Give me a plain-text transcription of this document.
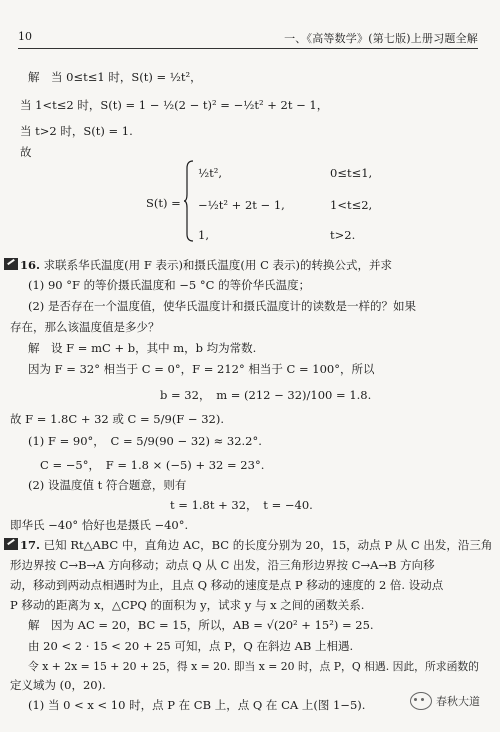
10	一、《高等数学》(第七版)上册习题全解
解　当 0≤t≤1 时，S(t) = ½t²，
当 1<t≤2 时，S(t) = 1 − ½(2 − t)² = −½t² + 2t − 1，
当 t>2 时，S(t) = 1.
故
S(t) =
½t²,	0≤t≤1,
−½t² + 2t − 1,	1<t≤2,
1,	t>2.
16. 求联系华氏温度(用 F 表示)和摄氏温度(用 C 表示)的转换公式，并求
(1) 90 °F 的等价摄氏温度和 −5 °C 的等价华氏温度；
(2) 是否存在一个温度值，使华氏温度计和摄氏温度计的读数是一样的？如果
存在，那么该温度值是多少？
解　设 F = mC + b，其中 m，b 均为常数.
因为 F = 32° 相当于 C = 0°，F = 212° 相当于 C = 100°，所以
b = 32，　m = (212 − 32)/100 = 1.8.
故 F = 1.8C + 32 或 C = 5/9(F − 32).
(1) F = 90°，　C = 5/9(90 − 32) ≈ 32.2°.
C = −5°，　F = 1.8 × (−5) + 32 = 23°.
(2) 设温度值 t 符合题意，则有
t = 1.8t + 32，　t = −40.
即华氏 −40° 恰好也是摄氏 −40°.
17. 已知 Rt△ABC 中，直角边 AC，BC 的长度分别为 20，15，动点 P 从 C 出发，沿三角
形边界按 C→B→A 方向移动；动点 Q 从 C 出发，沿三角形边界按 C→A→B 方向移
动，移动到两动点相遇时为止，且点 Q 移动的速度是点 P 移动的速度的 2 倍. 设动点
P 移动的距离为 x，△CPQ 的面积为 y，试求 y 与 x 之间的函数关系.
解　因为 AC = 20，BC = 15，所以，AB = √(20² + 15²) = 25.
由 20 < 2 · 15 < 20 + 25 可知，点 P，Q 在斜边 AB 上相遇.
令 x + 2x = 15 + 20 + 25，得 x = 20. 即当 x = 20 时，点 P，Q 相遇. 因此，所求函数的
定义域为 (0，20).
(1) 当 0 < x < 10 时，点 P 在 CB 上，点 Q 在 CA 上(图 1−5).	春秋大道
